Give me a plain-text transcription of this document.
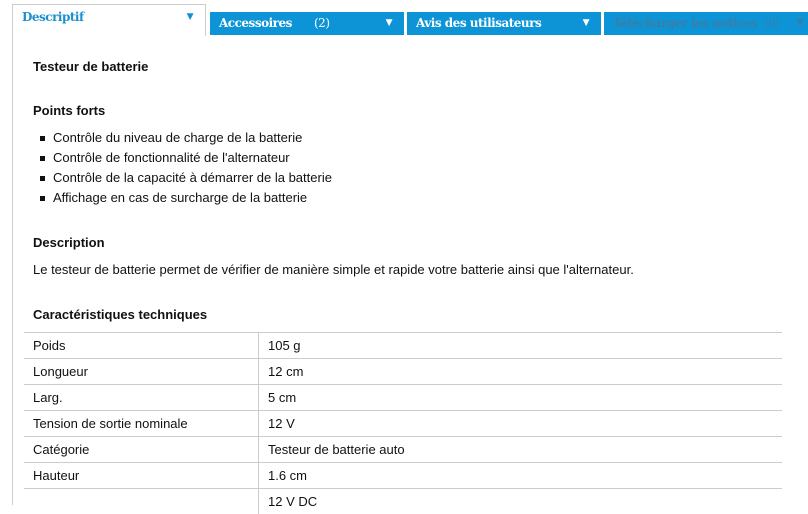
Descriptif	▼	Accessoires (2)	▼	Avis des utilisateurs	▼	Télécharger les notices (0) ▼
Testeur de batterie
Points forts
Contrôle du niveau de charge de la batterie
Contrôle de fonctionnalité de l'alternateur
Contrôle de la capacité à démarrer de la batterie
Affichage en cas de surcharge de la batterie
Description

Le testeur de batterie permet de vérifier de manière simple et rapide votre batterie ainsi que l'alternateur.

Caractéristiques techniques
Poids	105 g
Longueur	12 cm
Larg.	5 cm
Tension de sortie nominale	12 V
Catégorie	Testeur de batterie auto
Hauteur	1.6 cm
	12 V DC
